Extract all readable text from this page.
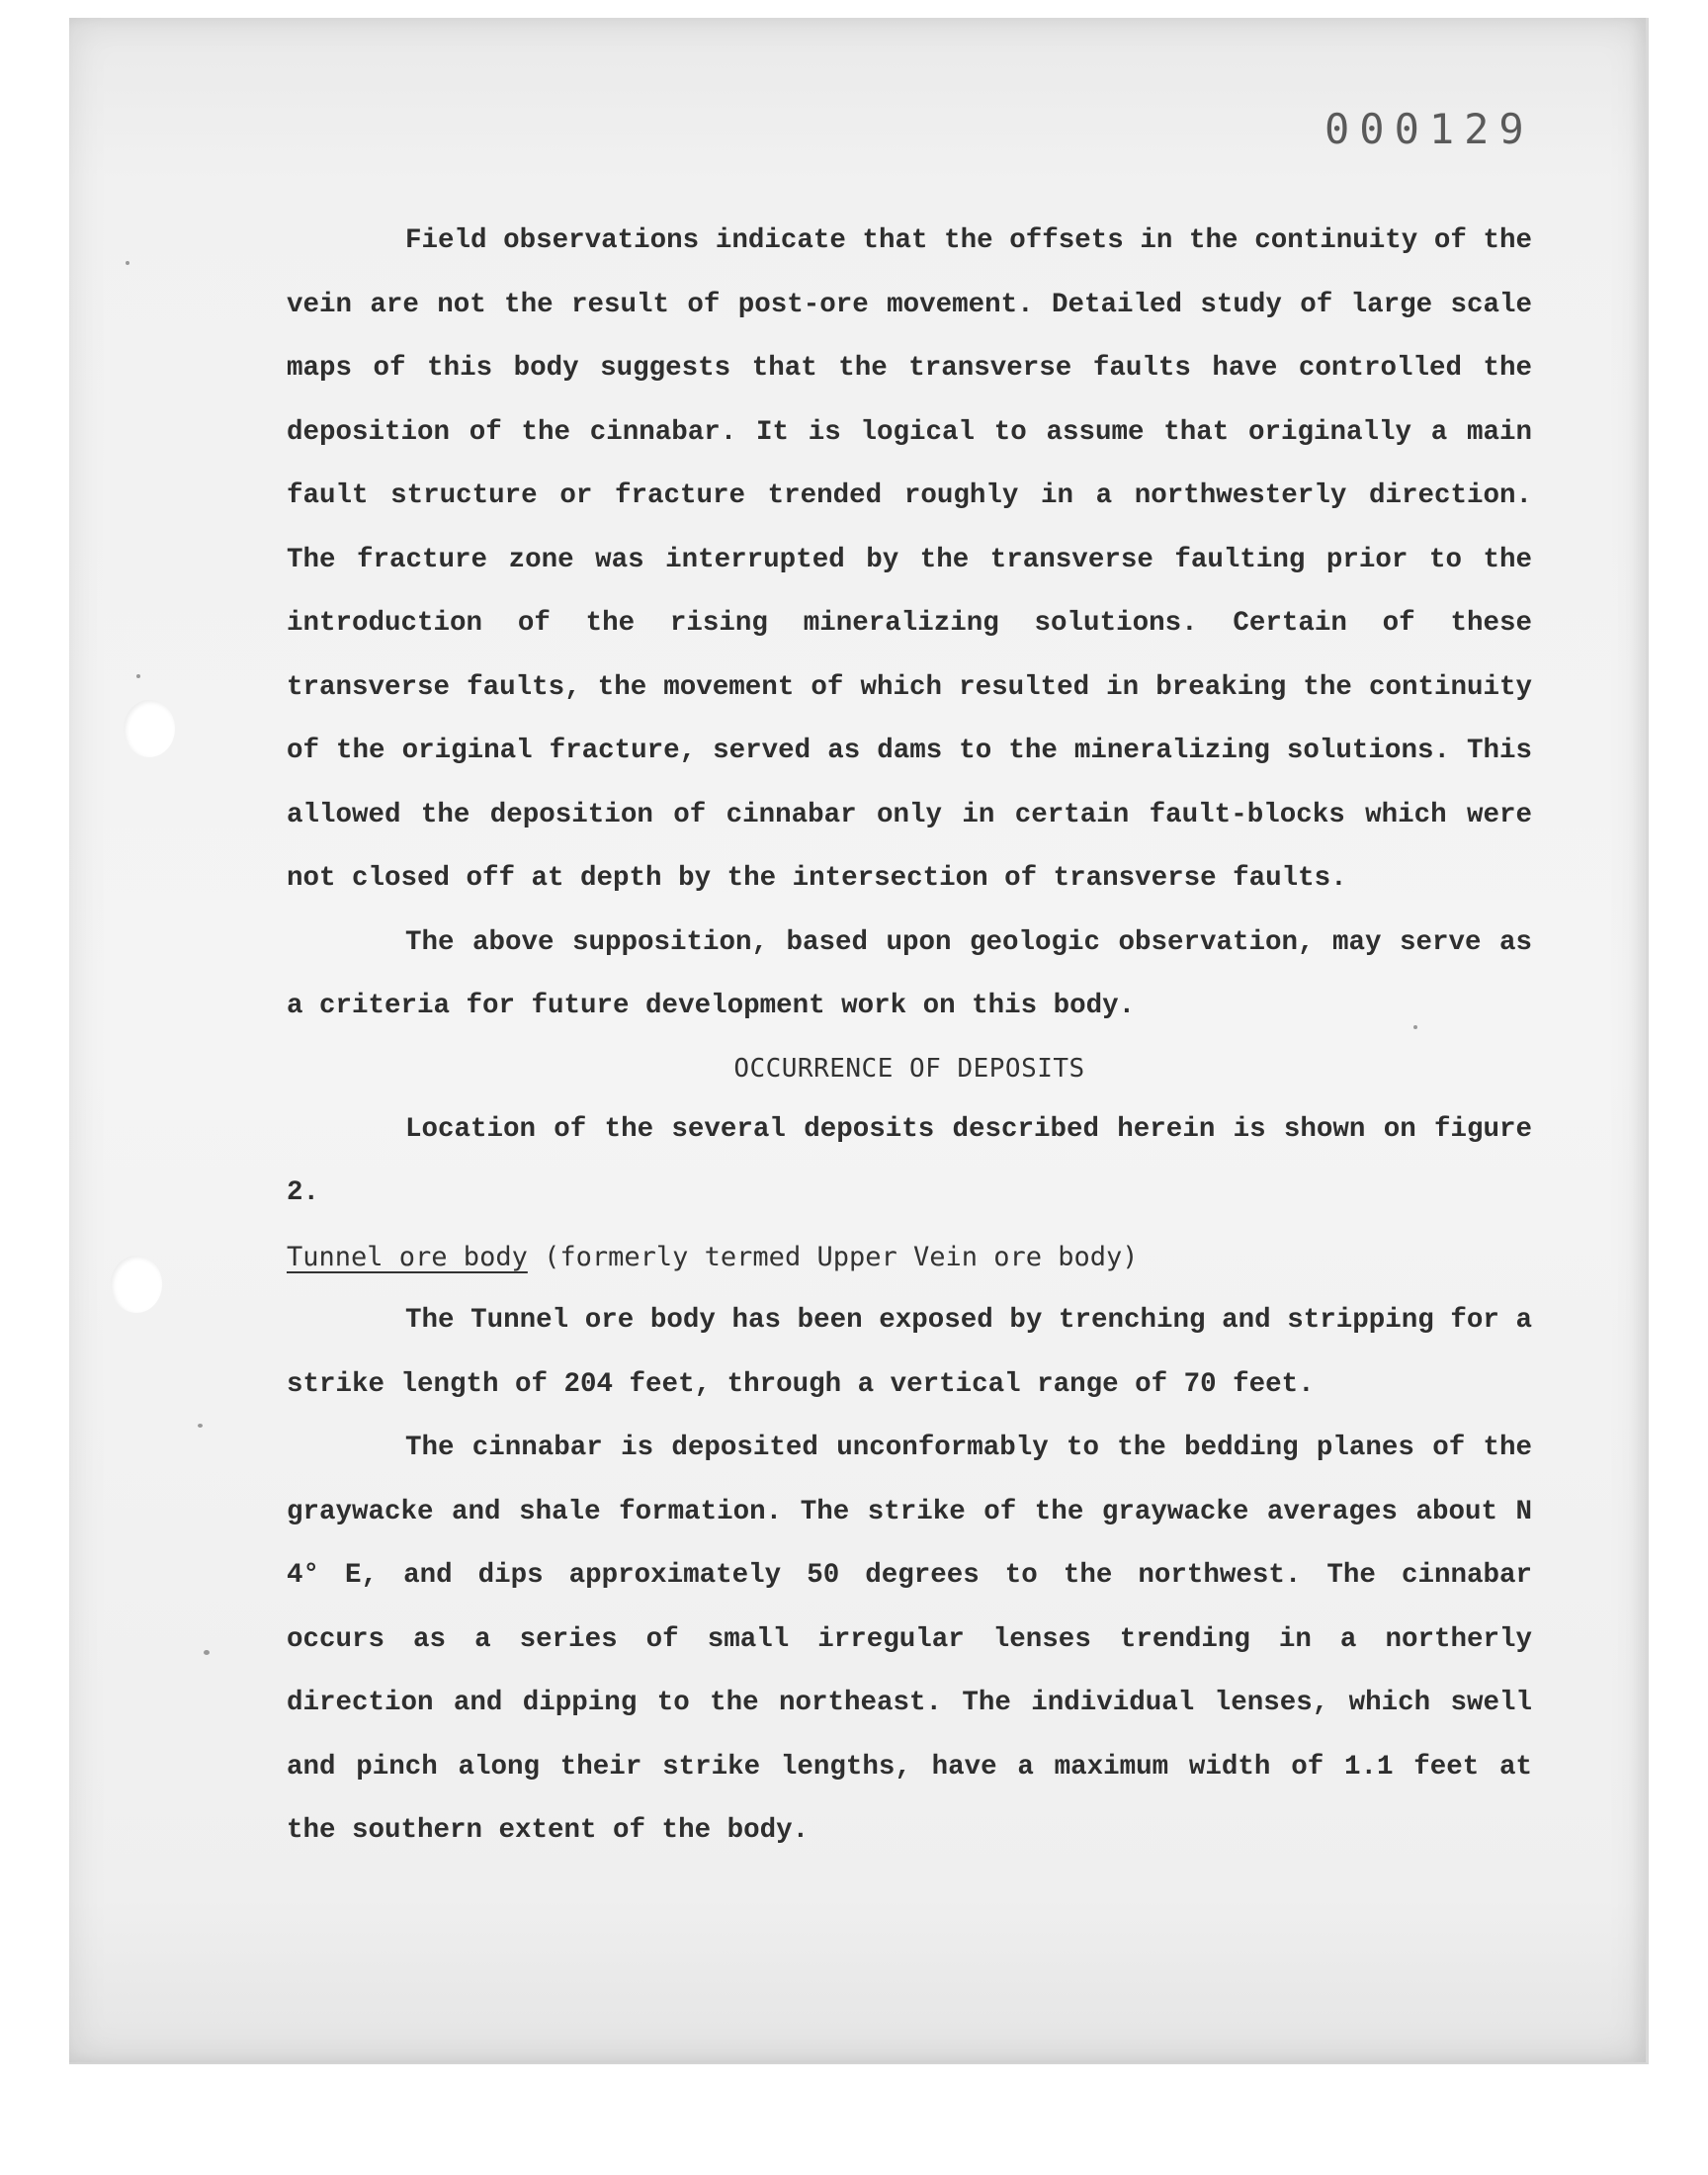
000129

Field observations indicate that the offsets in the continuity of the vein are not the result of post-ore movement. Detailed study of large scale maps of this body suggests that the transverse faults have controlled the deposition of the cinnabar. It is logical to assume that originally a main fault structure or fracture trended roughly in a northwesterly direction. The fracture zone was interrupted by the transverse faulting prior to the introduction of the rising mineralizing solutions. Certain of these transverse faults, the movement of which resulted in breaking the continuity of the original fracture, served as dams to the mineralizing solutions. This allowed the deposition of cinnabar only in certain fault-blocks which were not closed off at depth by the intersection of transverse faults.

The above supposition, based upon geologic observation, may serve as a criteria for future development work on this body.

OCCURRENCE OF DEPOSITS

Location of the several deposits described herein is shown on figure 2.

Tunnel ore body (formerly termed Upper Vein ore body)

The Tunnel ore body has been exposed by trenching and stripping for a strike length of 204 feet, through a vertical range of 70 feet.

The cinnabar is deposited unconformably to the bedding planes of the graywacke and shale formation. The strike of the graywacke averages about N 4° E, and dips approximately 50 degrees to the northwest. The cinnabar occurs as a series of small irregular lenses trending in a northerly direction and dipping to the northeast. The individual lenses, which swell and pinch along their strike lengths, have a maximum width of 1.1 feet at the southern extent of the body.
